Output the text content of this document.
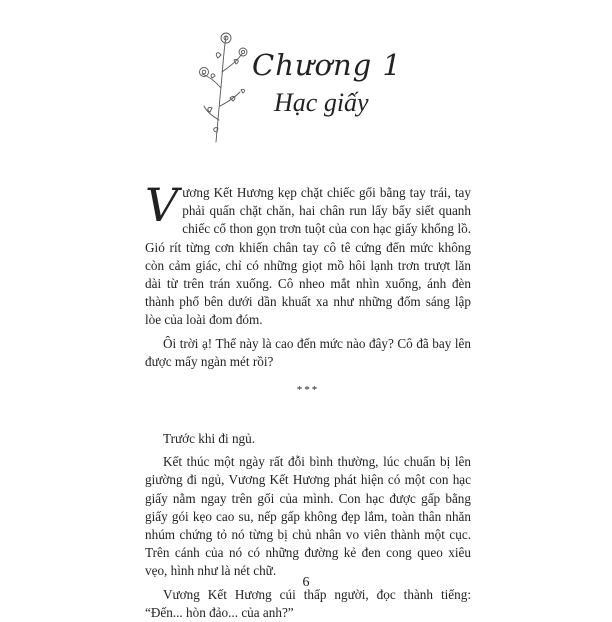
Chương 1
Hạc giấy

Vương Kết Hương kẹp chặt chiếc gối bằng tay trái, tay phải quấn chặt chăn, hai chân run lẩy bẩy siết quanh chiếc cổ thon gọn trơn tuột của con hạc giấy khổng lồ. Gió rít từng cơn khiến chân tay cô tê cứng đến mức không còn cảm giác, chỉ có những giọt mồ hôi lạnh trơn trượt lăn dài từ trên trán xuống. Cô nheo mắt nhìn xuống, ánh đèn thành phố bên dưới dần khuất xa như những đốm sáng lập lòe của loài đom đóm.

Ôi trời ạ! Thế này là cao đến mức nào đây? Cô đã bay lên được mấy ngàn mét rồi?

***

Trước khi đi ngủ.

Kết thúc một ngày rất đỗi bình thường, lúc chuẩn bị lên giường đi ngủ, Vương Kết Hương phát hiện có một con hạc giấy nằm ngay trên gối của mình. Con hạc được gấp bằng giấy gói kẹo cao su, nếp gấp không đẹp lắm, toàn thân nhăn nhúm chứng tỏ nó từng bị chủ nhân vo viên thành một cục. Trên cánh của nó có những đường kẻ đen cong queo xiêu vẹo, hình như là nét chữ.

Vương Kết Hương cúi thấp người, đọc thành tiếng: “Đến... hòn đảo... của anh?”

6
